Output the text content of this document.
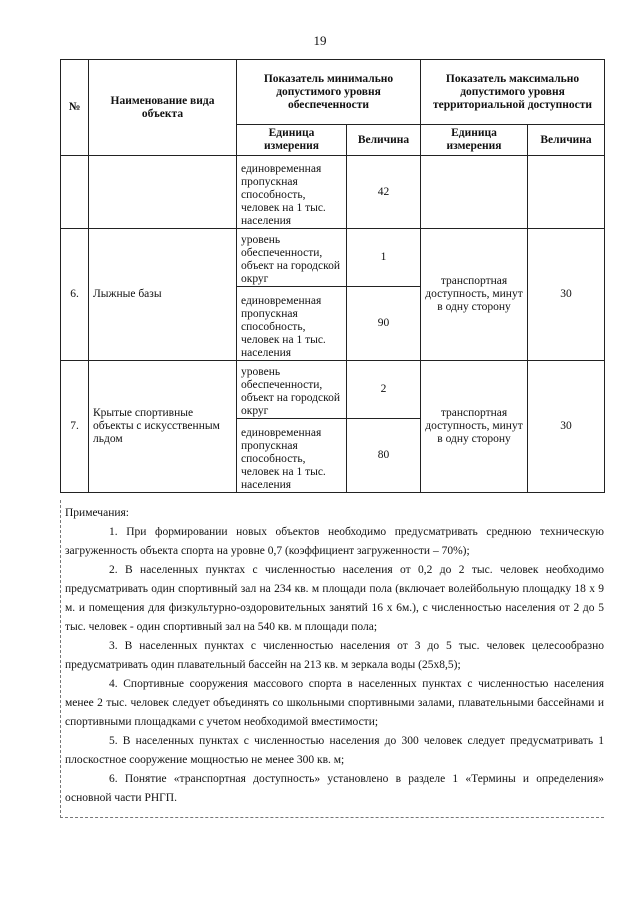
19
№	Наименование вида объекта	Показатель минимально допустимого уровня обеспеченности		Показатель максимально допустимого уровня территориальной доступности	
		Единица измерения	Величина	Единица измерения	Величина
		единовременная пропускная способность, человек на 1 тыс. населения	42		
6.	Лыжные базы	уровень обеспеченности, объект на городской округ	1	транспортная доступность, минут в одну сторону	30
		единовременная пропускная способность, человек на 1 тыс. населения	90		
7.	Крытые спортивные объекты с искусственным льдом	уровень обеспеченности, объект на городской округ	2	транспортная доступность, минут в одну сторону	30
		единовременная пропускная способность, человек на 1 тыс. населения	80		

Примечания:

1. При формировании новых объектов необходимо предусматривать среднюю техническую загруженность объекта спорта на уровне 0,7 (коэффициент загруженности – 70%);

2. В населенных пунктах с численностью населения от 0,2 до 2 тыс. человек необходимо предусматривать один спортивный зал на 234 кв. м площади пола (включает волейбольную площадку 18 х 9 м. и помещения для физкультурно-оздоровительных занятий 16 х 6м.), с численностью населения от 2 до 5 тыс. человек - один спортивный зал на 540 кв. м площади пола;

3. В населенных пунктах с численностью населения от 3 до 5 тыс. человек целесообразно предусматривать один плавательный бассейн на 213 кв. м зеркала воды (25х8,5);

4. Спортивные сооружения массового спорта в населенных пунктах с численностью населения менее 2 тыс. человек следует объединять со школьными спортивными залами, плавательными бассейнами и спортивными площадками с учетом необходимой вместимости;

5. В населенных пунктах с численностью населения до 300 человек следует предусматривать 1 плоскостное сооружение мощностью не менее 300 кв. м;

6. Понятие «транспортная доступность» установлено в разделе 1 «Термины и определения» основной части РНГП.
